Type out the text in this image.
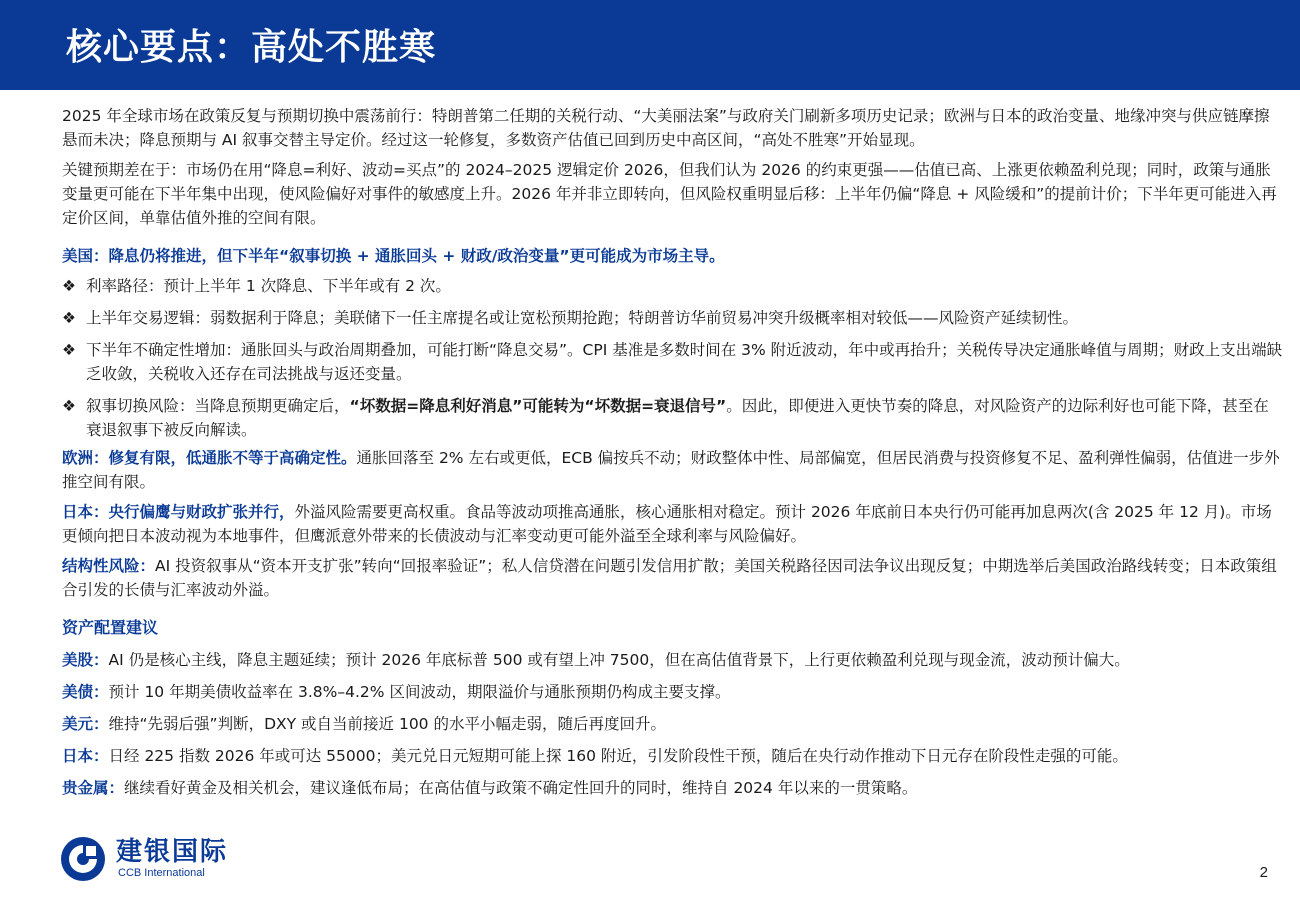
核心要点：高处不胜寒

2025 年全球市场在政策反复与预期切换中震荡前行：特朗普第二任期的关税行动、“大美丽法案”与政府关门刷新多项历史记录；欧洲与日本的政治变量、地缘冲突与供应链摩擦悬而未决；降息预期与 AI 叙事交替主导定价。经过这一轮修复，多数资产估值已回到历史中高区间，“高处不胜寒”开始显现。

关键预期差在于：市场仍在用“降息=利好、波动=买点”的 2024–2025 逻辑定价 2026，但我们认为 2026 的约束更强——估值已高、上涨更依赖盈利兑现；同时，政策与通胀变量更可能在下半年集中出现，使风险偏好对事件的敏感度上升。2026 年并非立即转向，但风险权重明显后移：上半年仍偏“降息 + 风险缓和”的提前计价；下半年更可能进入再定价区间，单靠估值外推的空间有限。

美国：降息仍将推进，但下半年“叙事切换 + 通胀回头 + 财政/政治变量”更可能成为市场主导。

❖ 利率路径：预计上半年 1 次降息、下半年或有 2 次。

❖ 上半年交易逻辑：弱数据利于降息；美联储下一任主席提名或让宽松预期抢跑；特朗普访华前贸易冲突升级概率相对较低——风险资产延续韧性。

❖ 下半年不确定性增加：通胀回头与政治周期叠加，可能打断“降息交易”。CPI 基准是多数时间在 3% 附近波动，年中或再抬升；关税传导决定通胀峰值与周期；财政上支出端缺乏收敛，关税收入还存在司法挑战与返还变量。

❖ 叙事切换风险：当降息预期更确定后，“坏数据=降息利好消息”可能转为“坏数据=衰退信号”。因此，即便进入更快节奏的降息，对风险资产的边际利好也可能下降，甚至在衰退叙事下被反向解读。

欧洲：修复有限，低通胀不等于高确定性。通胀回落至 2% 左右或更低，ECB 偏按兵不动；财政整体中性、局部偏宽，但居民消费与投资修复不足、盈利弹性偏弱，估值进一步外推空间有限。

日本：央行偏鹰与财政扩张并行，外溢风险需要更高权重。食品等波动项推高通胀，核心通胀相对稳定。预计 2026 年底前日本央行仍可能再加息两次(含 2025 年 12 月)。市场更倾向把日本波动视为本地事件，但鹰派意外带来的长债波动与汇率变动更可能外溢至全球利率与风险偏好。

结构性风险：AI 投资叙事从“资本开支扩张”转向“回报率验证”；私人信贷潜在问题引发信用扩散；美国关税路径因司法争议出现反复；中期选举后美国政治路线转变；日本政策组合引发的长债与汇率波动外溢。

资产配置建议

美股：AI 仍是核心主线，降息主题延续；预计 2026 年底标普 500 或有望上冲 7500，但在高估值背景下，上行更依赖盈利兑现与现金流，波动预计偏大。

美债：预计 10 年期美债收益率在 3.8%–4.2% 区间波动，期限溢价与通胀预期仍构成主要支撑。

美元：维持“先弱后强”判断，DXY 或自当前接近 100 的水平小幅走弱，随后再度回升。

日本：日经 225 指数 2026 年或可达 55000；美元兑日元短期可能上探 160 附近，引发阶段性干预，随后在央行动作推动下日元存在阶段性走强的可能。

贵金属：继续看好黄金及相关机会，建议逢低布局；在高估值与政策不确定性回升的同时，维持自 2024 年以来的一贯策略。

建银国际
CCB International	2
